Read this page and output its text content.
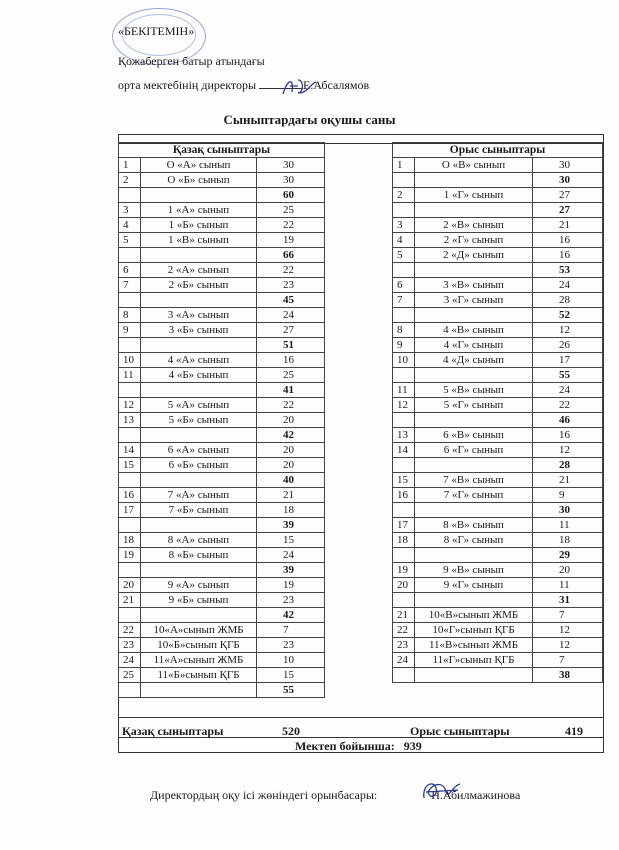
«БЕКІТЕМІН»
Қожаберген батыр атындағы
орта мектебінің директоры	Е.Абсалямов
Сыныптардағы оқушы саны
Қазақ сыныптары		
1	О «А» сынып	30
2	О «Б» сынып	30
		60
3	1 «А» сынып	25
4	1 «Б» сынып	22
5	1 «В» сынып	19
		66
6	2 «А» сынып	22
7	2 «Б» сынып	23
		45
8	3 «А» сынып	24
9	3 «Б» сынып	27
		51
10	4 «А» сынып	16
11	4 «Б» сынып	25
		41
12	5 «А» сынып	22
13	5 «Б» сынып	20
		42
14	6 «А» сынып	20
15	6 «Б» сынып	20
		40
16	7 «А» сынып	21
17	7 «Б» сынып	18
		39
18	8 «А» сынып	15
19	8 «Б» сынып	24
		39
20	9 «А» сынып	19
21	9 «Б» сынып	23
		42
22	10«А»сынып ЖМБ	7
23	10«Б»сынып ҚГБ	23
24	11«А»сынып ЖМБ	10
25	11«Б»сынып ҚГБ	15
		55
Орыс сыныптары		
1	О «В» сынып	30
		30
2	1 «Г» сынып	27
		27
3	2 «В» сынып	21
4	2 «Г» сынып	16
5	2 «Д» сынып	16
		53
6	3 «В» сынып	24
7	3 «Г» сынып	28
		52
8	4 «В» сынып	12
9	4 «Г» сынып	26
10	4 «Д» сынып	17
		55
11	5 «В» сынып	24
12	5 «Г» сынып	22
		46
13	6 «В» сынып	16
14	6 «Г» сынып	12
		28
15	7 «В» сынып	21
16	7 «Г» сынып	9
		30
17	8 «В» сынып	11
18	8 «Г» сынып	18
		29
19	9 «В» сынып	20
20	9 «Г» сынып	11
		31
21	10«В»сынып ЖМБ	7
22	10«Г»сынып ҚГБ	12
23	11«В»сынып ЖМБ	12
24	11«Г»сынып ҚГБ	7
		38
Қазақ сыныптары	520	Орыс сыныптары	419
Мектеп бойынша: 939
Директордың оқу ісі жөніндегі орынбасары:	Н.Абилмажинова
